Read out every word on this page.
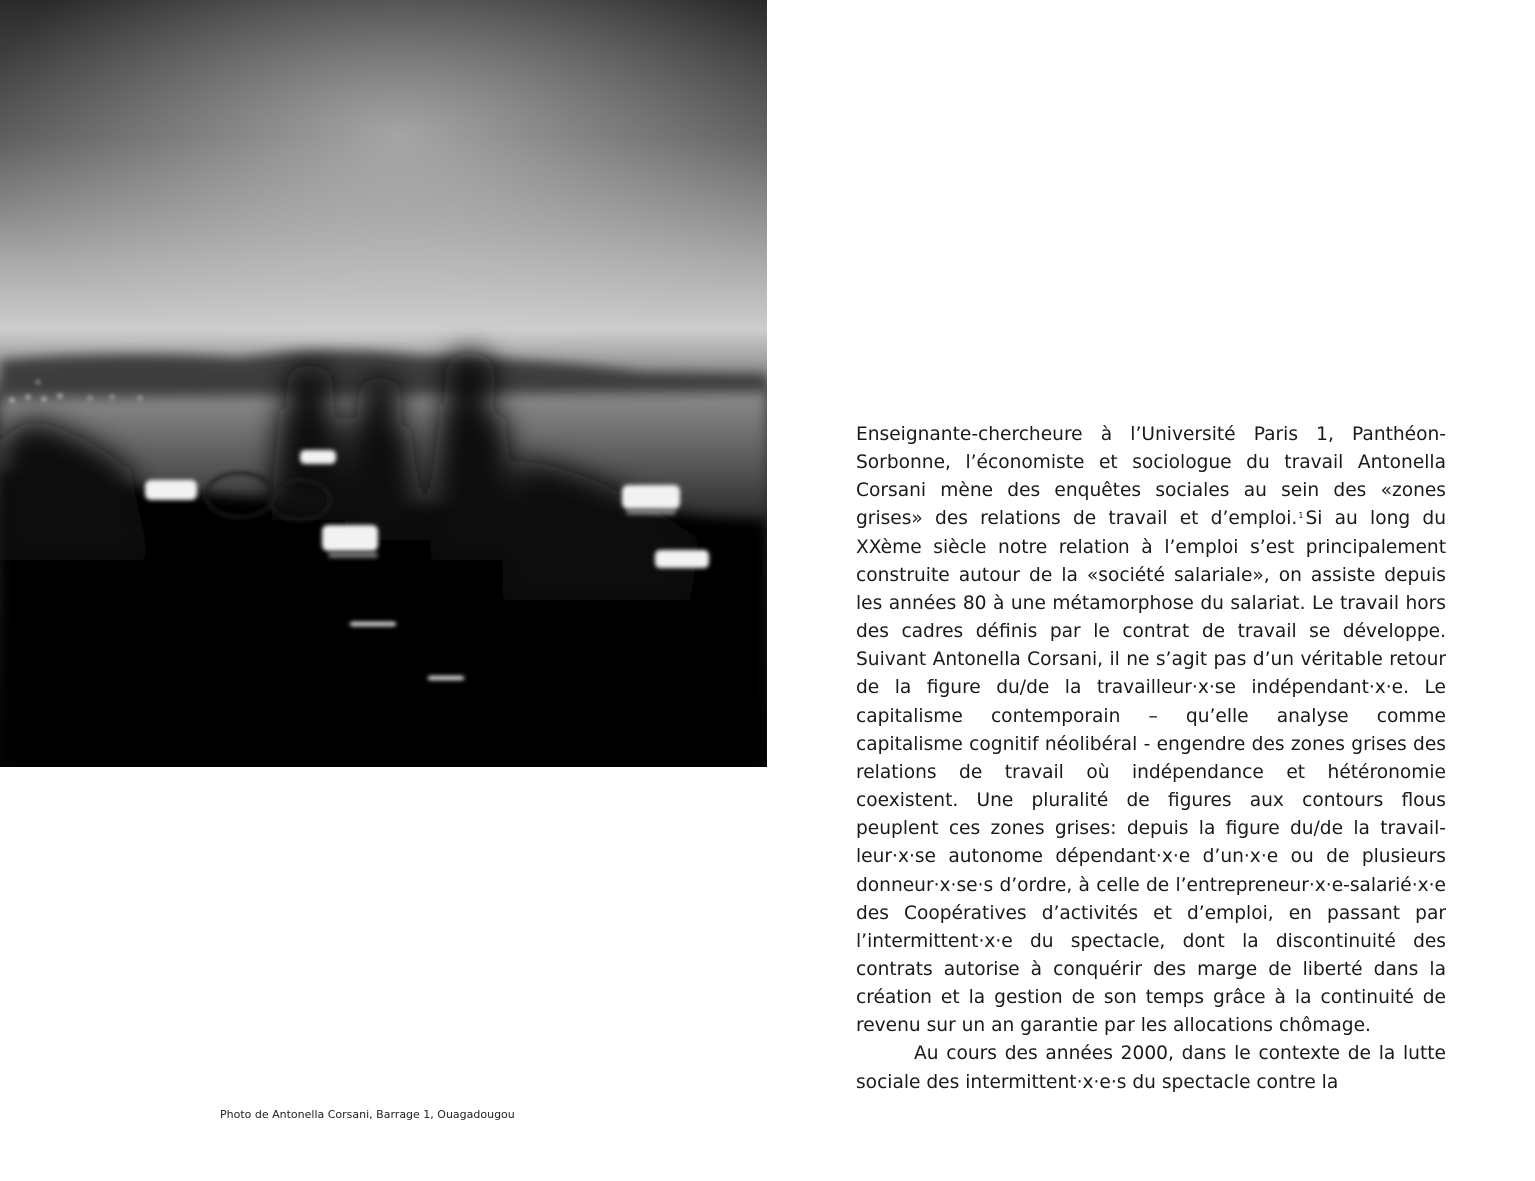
Photo de Antonella Corsani, Barrage 1, Ouagadougou

Enseignante-chercheure à l’Université Paris 1, Panthéon-Sorbonne, l’économiste et sociologue du travail Antonella Corsani mène des enquêtes sociales au sein des «zones grises» des relations de travail et d’emploi.$^1$ Si au long du XXème siècle notre relation à l’emploi s’est principalement construite autour de la «société salariale», on assiste depuis les années 80 à une métamorphose du salariat. Le travail hors des cadres définis par le contrat de travail se développe. Suivant Antonella Corsani, il ne s’agit pas d’un véritable retour de la figure du/de la travailleur·x·se indépendant·x·e. Le capitalisme contemporain – qu’elle analyse comme capitalisme cognitif néolibéral - engendre des zones grises des relations de travail où indépendance et hétéronomie coexistent. Une pluralité de figures aux contours flous peuplent ces zones grises: depuis la figure du/de la travailleur·x·se autonome dépendant·x·e d’un·x·e ou de plusieurs donneur·x·se·s d’ordre, à celle de l’entrepreneur·x·e-salarié·x·e des Coopératives d’activités et d’emploi, en passant par l’intermittent·x·e du spectacle, dont la discontinuité des contrats autorise à conquérir des marge de liberté dans la création et la gestion de son temps grâce à la continuité de revenu sur un an garantie par les allocations chômage.

Au cours des années 2000, dans le contexte de la lutte sociale des intermittent·x·e·s du spectacle contre la
